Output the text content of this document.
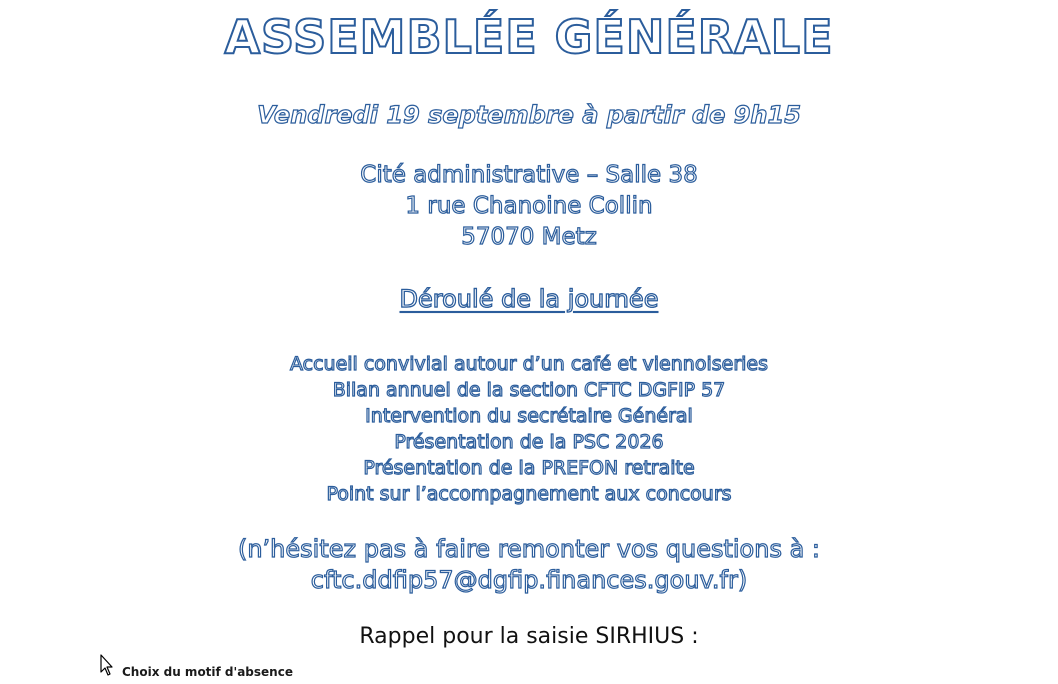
ASSEMBLÉE GÉNÉRALE
Vendredi 19 septembre à partir de 9h15
Cité administrative – Salle 38
1 rue Chanoine Collin
57070 Metz
Déroulé de la journée
Accueil convivial autour d’un café et viennoiseries
Bilan annuel de la section CFTC DGFIP 57
Intervention du secrétaire Général
Présentation de la PSC 2026
Présentation de la PREFON retraite
Point sur l’accompagnement aux concours
(n’hésitez pas à faire remonter vos questions à :
cftc.ddfip57@dgfip.finances.gouv.fr)
Rappel pour la saisie SIRHIUS :
Choix du motif d'absence
